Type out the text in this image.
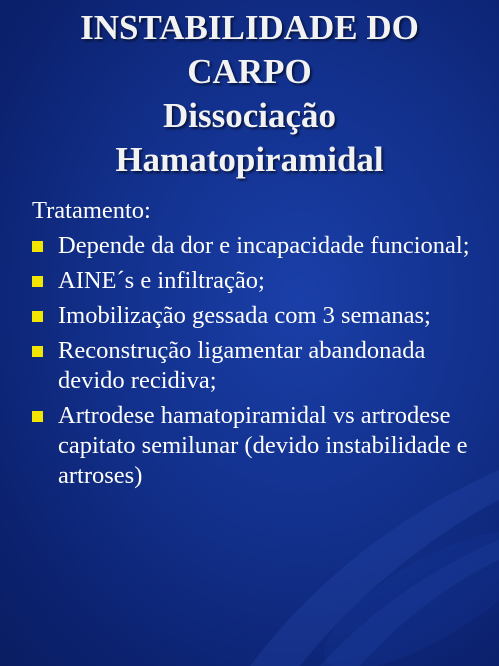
INSTABILIDADE DO
CARPO
Dissociação
Hamatopiramidal
Tratamento:
Depende da dor e incapacidade funcional;
AINE´s e infiltração;
Imobilização gessada com 3 semanas;
Reconstrução ligamentar abandonada devido recidiva;
Artrodese hamatopiramidal vs artrodese capitato semilunar (devido instabilidade e artroses)
